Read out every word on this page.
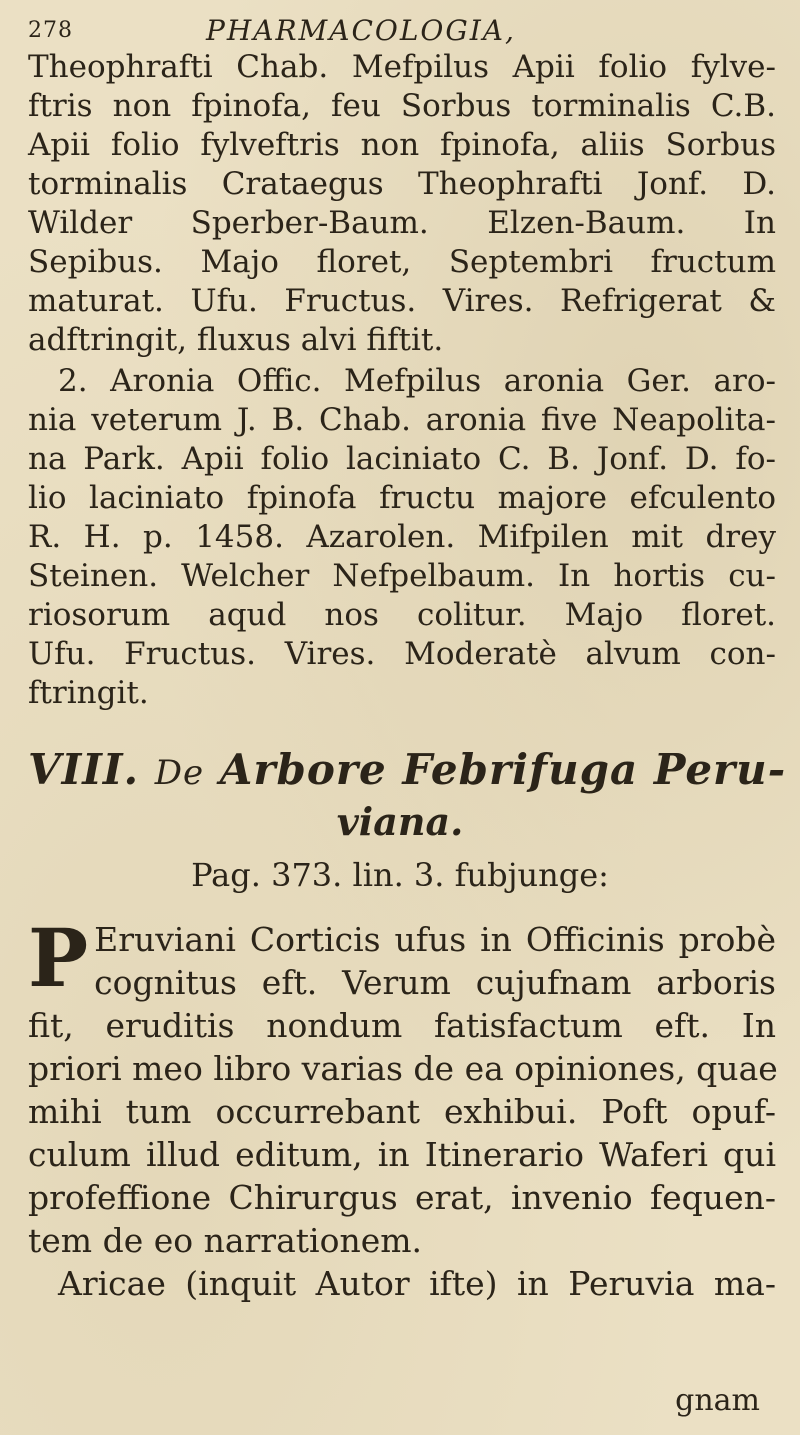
278	PHARMACOLOGIA,
Theophrafti Chab. Mefpilus Apii folio fylve-
ftris non fpinofa, feu Sorbus torminalis C.B.
Apii folio fylveftris non fpinofa, aliis Sorbus
torminalis Crataegus Theophrafti Jonf. D.
Wilder Sperber-Baum. Elzen-Baum. In
Sepibus. Majo floret, Septembri fructum
maturat. Ufu. Fructus. Vires. Refrigerat &
adftringit, fluxus alvi fiftit.
2. Aronia Offic. Mefpilus aronia Ger. aro-
nia veterum J. B. Chab. aronia five Neapolita-
na Park. Apii folio laciniato C. B. Jonf. D. fo-
lio laciniato fpinofa fructu majore efculento
R. H. p. 1458. Azarolen. Mifpilen mit drey
Steinen. Welcher Nefpelbaum. In hortis cu-
riosorum aqud nos colitur. Majo floret.
Ufu. Fructus. Vires. Moderatè alvum con-
ftringit.
VIII. De Arbore Febrifuga Peru-
viana.
Pag. 373. lin. 3. fubjunge:
P Eruviani Corticis ufus in Officinis probè
cognitus eft. Verum cujufnam arboris
fit, eruditis nondum fatisfactum eft. In
priori meo libro varias de ea opiniones, quae
mihi tum occurrebant exhibui. Poft opuf-
culum illud editum, in Itinerario Waferi qui
profeffione Chirurgus erat, invenio fequen-
tem de eo narrationem.
Aricae (inquit Autor ifte) in Peruvia ma-
gnam
